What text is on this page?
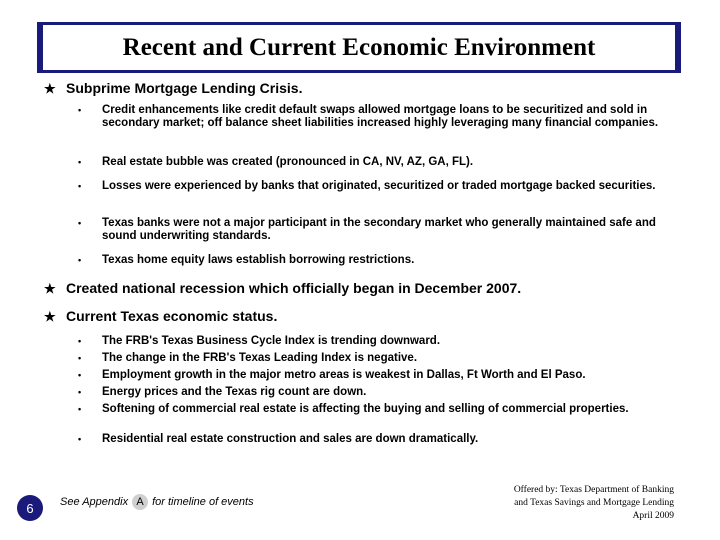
Recent and Current Economic Environment
★ Subprime Mortgage Lending Crisis.
•	Credit enhancements like credit default swaps allowed mortgage loans to be securitized and sold in secondary market; off balance sheet liabilities increased highly leveraging many financial companies.
•	Real estate bubble was created (pronounced in CA, NV, AZ, GA, FL).
•	Losses were experienced by banks that originated, securitized or traded mortgage backed securities.
•	Texas banks were not a major participant in the secondary market who generally maintained safe and sound underwriting standards.
•	Texas home equity laws establish borrowing restrictions.
★ Created national recession which officially began in December 2007.
★ Current Texas economic status.
•	The FRB's Texas Business Cycle Index is trending downward.
•	The change in the FRB's Texas Leading Index is negative.
•	Employment growth in the major metro areas is weakest in Dallas, Ft Worth and El Paso.
•	Energy prices and the Texas rig count are down.
•	Softening of commercial real estate is affecting the buying and selling of commercial properties.
•	Residential real estate construction and sales are down dramatically.
6	See Appendix A for timeline of events
Offered by: Texas Department of Banking
and Texas Savings and Mortgage Lending
April 2009
